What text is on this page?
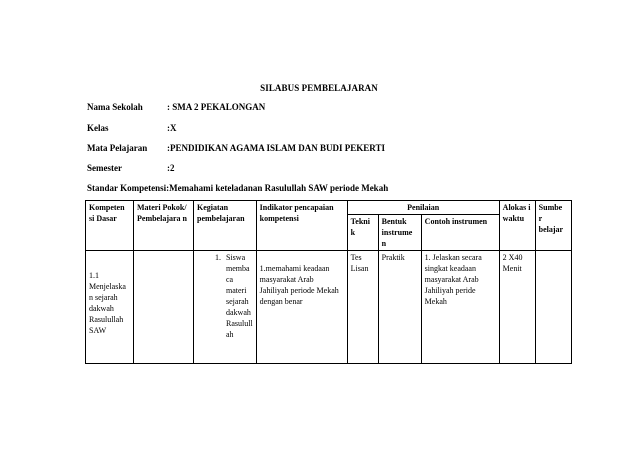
SILABUS PEMBELAJARAN
Nama Sekolah	: SMA 2 PEKALONGAN
Kelas	:X
Mata Pelajaran :PENDIDIKAN AGAMA ISLAM DAN BUDI PEKERTI
Semester	:2
Standar Kompetensi:Memahami keteladanan Rasulullah SAW periode Mekah
Kompeten si Dasar	Materi Pokok/ Pembelajara n	Kegiatan pembelajaran	Indikator pencapaian kompetensi	Penilaian			Alokas i waktu	Sumbe r belajar
				Tekni k	Bentuk instrume n	Contoh instrumen		

1.1 Menjelaska n sejarah dakwah Rasulullah SAW		1. Siswa memba ca materi sejarah dakwah Rasulull ah	1.memahami keadaan masyarakat Arab Jahiliyah periode Mekah dengan benar	Tes Lisan	Praktik	1. Jelaskan secara singkat keadaan masyarakat Arab Jahiliyah peride Mekah	2 X40 Menit	
